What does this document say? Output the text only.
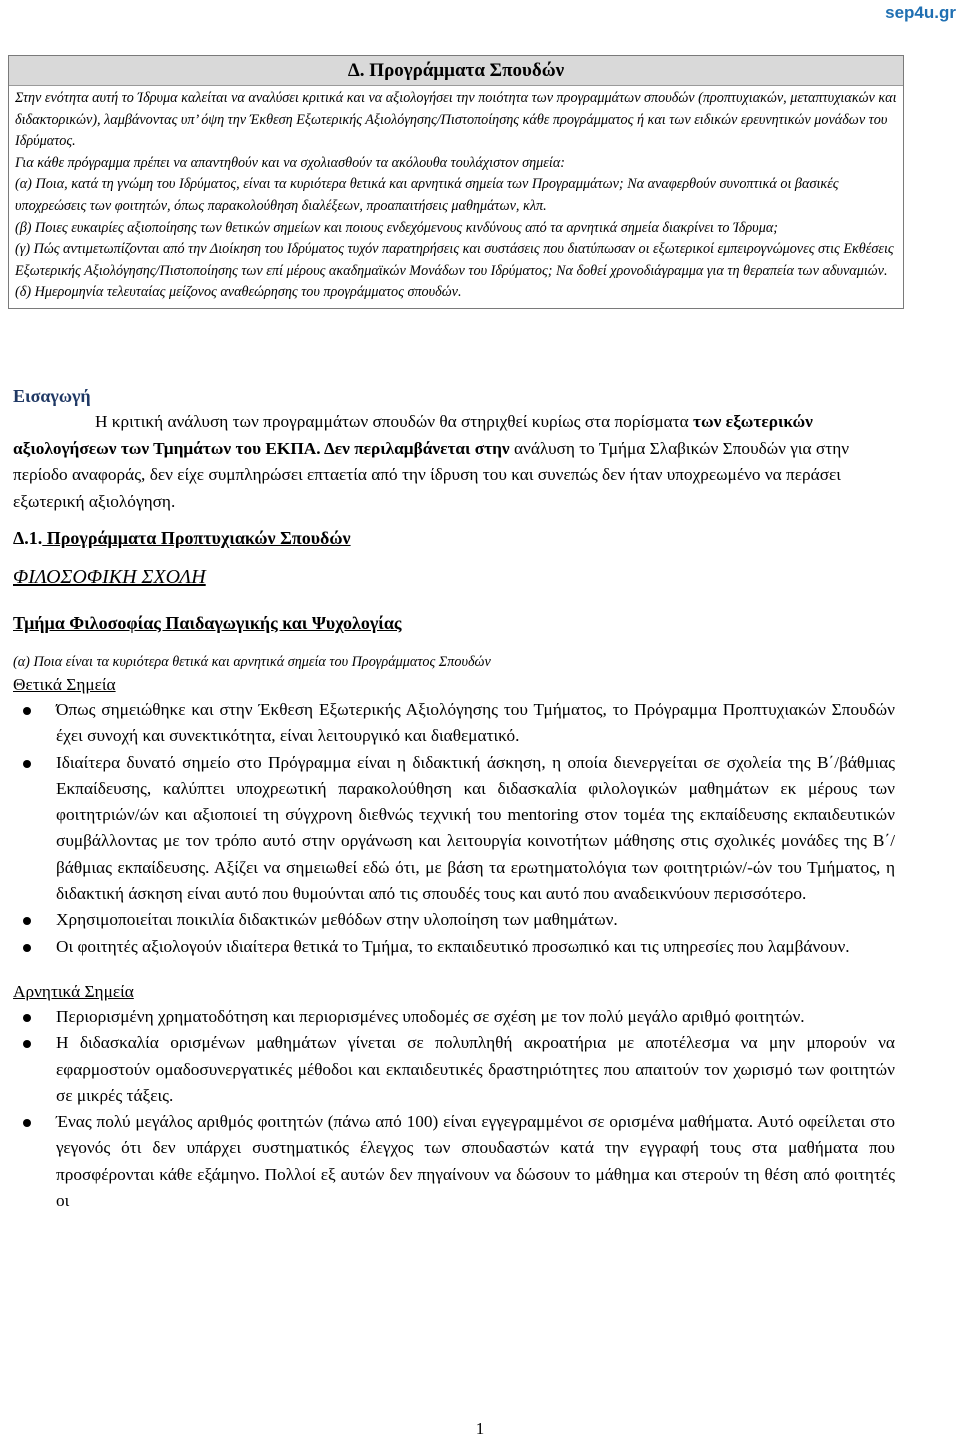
sep4u.gr
Δ. Προγράμματα Σπουδών

Στην ενότητα αυτή το Ίδρυμα καλείται να αναλύσει κριτικά και να αξιολογήσει την ποιότητα των προγραμμάτων σπουδών (προπτυχιακών, μεταπτυχιακών και διδακτορικών), λαμβάνοντας υπ’ όψη την Έκθεση Εξωτερικής Αξιολόγησης/Πιστοποίησης κάθε προγράμματος ή και των ειδικών ερευνητικών μονάδων του Ιδρύματος.

Για κάθε πρόγραμμα πρέπει να απαντηθούν και να σχολιασθούν τα ακόλουθα τουλάχιστον σημεία:

(α) Ποια, κατά τη γνώμη του Ιδρύματος, είναι τα κυριότερα θετικά και αρνητικά σημεία των Προγραμμάτων; Να αναφερθούν συνοπτικά οι βασικές υποχρεώσεις των φοιτητών, όπως παρακολούθηση διαλέξεων, προαπαιτήσεις μαθημάτων, κλπ.

(β) Ποιες ευκαιρίες αξιοποίησης των θετικών σημείων και ποιους ενδεχόμενους κινδύνους από τα αρνητικά σημεία διακρίνει το Ίδρυμα;

(γ) Πώς αντιμετωπίζονται από την Διοίκηση του Ιδρύματος τυχόν παρατηρήσεις και συστάσεις που διατύπωσαν οι εξωτερικοί εμπειρογνώμονες στις Εκθέσεις Εξωτερικής Αξιολόγησης/Πιστοποίησης των επί μέρους ακαδημαϊκών Μονάδων του Ιδρύματος; Να δοθεί χρονοδιάγραμμα για τη θεραπεία των αδυναμιών.

(δ) Ημερομηνία τελευταίας μείζονος αναθεώρησης του προγράμματος σπουδών.

Εισαγωγή

Η κριτική ανάλυση των προγραμμάτων σπουδών θα στηριχθεί κυρίως στα πορίσματα των εξωτερικών αξιολογήσεων των Τμημάτων του ΕΚΠΑ. Δεν περιλαμβάνεται στην ανάλυση το Τμήμα Σλαβικών Σπουδών για στην περίοδο αναφοράς, δεν είχε συμπληρώσει επταετία από την ίδρυση του και συνεπώς δεν ήταν υποχρεωμένο να περάσει εξωτερική αξιολόγηση.

Δ.1. Προγράμματα Προπτυχιακών Σπουδών
ΦΙΛΟΣΟΦΙΚΗ ΣΧΟΛΗ
Τμήμα Φιλοσοφίας Παιδαγωγικής και Ψυχολογίας
(α) Ποια είναι τα κυριότερα θετικά και αρνητικά σημεία του Προγράμματος Σπουδών
Θετικά Σημεία
Όπως σημειώθηκε και στην Έκθεση Εξωτερικής Αξιολόγησης του Τμήματος, το Πρόγραμμα Προπτυχιακών Σπουδών έχει συνοχή και συνεκτικότητα, είναι λειτουργικό και διαθεματικό.
Ιδιαίτερα δυνατό σημείο στο Πρόγραμμα είναι η διδακτική άσκηση, η οποία διενεργείται σε σχολεία της Β΄/βάθμιας Εκπαίδευσης, καλύπτει υποχρεωτική παρακολούθηση και διδασκαλία φιλολογικών μαθημάτων εκ μέρους των φοιτητριών/ών και αξιοποιεί τη σύγχρονη διεθνώς τεχνική του mentoring στον τομέα της εκπαίδευσης εκπαιδευτικών συμβάλλοντας με τον τρόπο αυτό στην οργάνωση και λειτουργία κοινοτήτων μάθησης στις σχολικές μονάδες της Β΄/βάθμιας εκπαίδευσης. Αξίζει να σημειωθεί εδώ ότι, με βάση τα ερωτηματολόγια των φοιτητριών/-ών του Τμήματος, η διδακτική άσκηση είναι αυτό που θυμούνται από τις σπουδές τους και αυτό που αναδεικνύουν περισσότερο.
Χρησιμοποιείται ποικιλία διδακτικών μεθόδων στην υλοποίηση των μαθημάτων.
Οι φοιτητές αξιολογούν ιδιαίτερα θετικά το Τμήμα, το εκπαιδευτικό προσωπικό και τις υπηρεσίες που λαμβάνουν.
Αρνητικά Σημεία
Περιορισμένη χρηματοδότηση και περιορισμένες υποδομές σε σχέση με τον πολύ μεγάλο αριθμό φοιτητών.
Η διδασκαλία ορισμένων μαθημάτων γίνεται σε πολυπληθή ακροατήρια με αποτέλεσμα να μην μπορούν να εφαρμοστούν ομαδοσυνεργατικές μέθοδοι και εκπαιδευτικές δραστηριότητες που απαιτούν τον χωρισμό των φοιτητών σε μικρές τάξεις.
Ένας πολύ μεγάλος αριθμός φοιτητών (πάνω από 100) είναι εγγεγραμμένοι σε ορισμένα μαθήματα. Αυτό οφείλεται στο γεγονός ότι δεν υπάρχει συστηματικός έλεγχος των σπουδαστών κατά την εγγραφή τους στα μαθήματα που προσφέρονται κάθε εξάμηνο. Πολλοί εξ αυτών δεν πηγαίνουν να δώσουν το μάθημα και στερούν τη θέση από φοιτητές οι
1
